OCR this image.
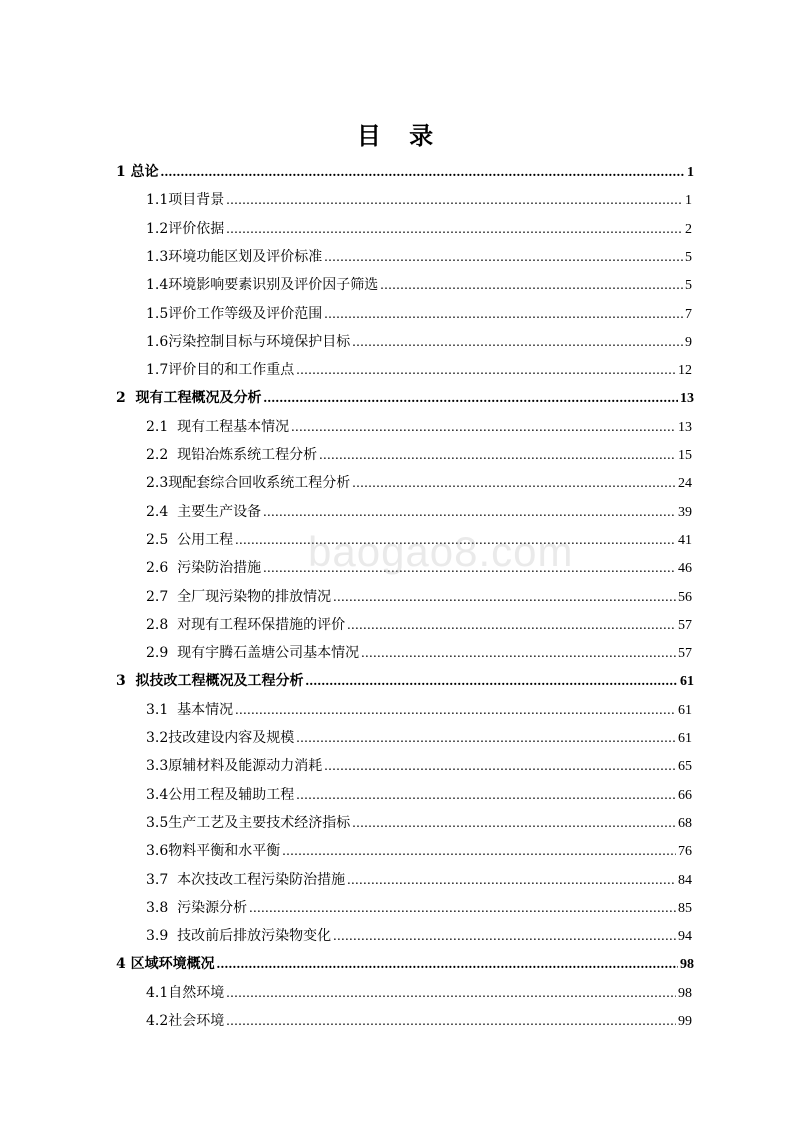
目 录
1 总论 .....	1
1.1项目背景 .....	1
1.2评价依据 .....	2
1.3环境功能区划及评价标准 .....	5
1.4环境影响要素识别及评价因子筛选 .....	5
1.5评价工作等级及评价范围 .....	7
1.6污染控制目标与环境保护目标 .....	9
1.7评价目的和工作重点 .....	12
2  现有工程概况及分析 .....	13
2.1  现有工程基本情况 .....	13
2.2  现铅冶炼系统工程分析 .....	15
2.3现配套综合回收系统工程分析 .....	24
2.4  主要生产设备 .....	39
2.5  公用工程 .....	41
2.6  污染防治措施 .....	46
2.7  全厂现污染物的排放情况 .....	56
2.8  对现有工程环保措施的评价 .....	57
2.9  现有宇腾石盖塘公司基本情况 .....	57
3  拟技改工程概况及工程分析 .....	61
3.1  基本情况 .....	61
3.2技改建设内容及规模 .....	61
3.3原辅材料及能源动力消耗 .....	65
3.4公用工程及辅助工程 .....	66
3.5生产工艺及主要技术经济指标 .....	68
3.6物料平衡和水平衡 .....	76
3.7  本次技改工程污染防治措施 .....	84
3.8  污染源分析 .....	85
3.9  技改前后排放污染物变化 .....	94
4 区域环境概况 .....	98
4.1自然环境 .....	98
4.2社会环境 .....	99
baogao8.com
